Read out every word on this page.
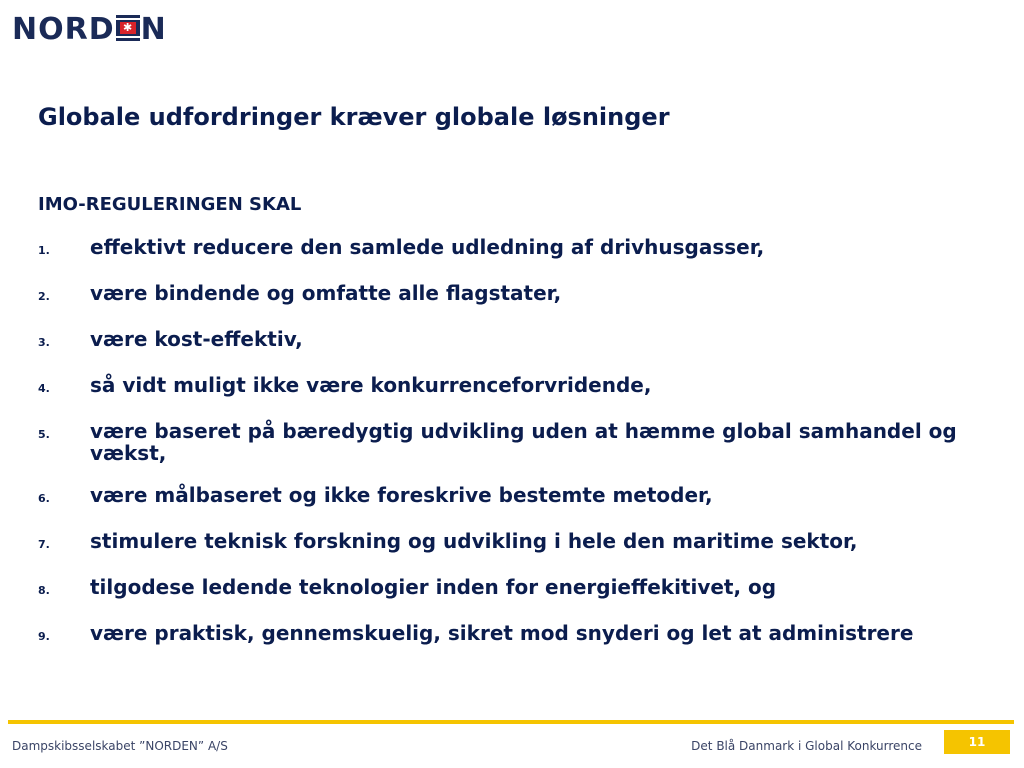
NORD ✱ N
Globale udfordringer kræver globale løsninger
IMO-REGULERINGEN SKAL
1.	effektivt reducere den samlede udledning af drivhusgasser,
2.	være bindende og omfatte alle flagstater,
3.	være kost-effektiv,
4.	så vidt muligt ikke være konkurrenceforvridende,
5.	være baseret på bæredygtig udvikling uden at hæmme global samhandel og vækst,
6.	være målbaseret og ikke foreskrive bestemte metoder,
7.	stimulere teknisk forskning og udvikling i hele den maritime sektor,
8.	tilgodese ledende teknologier inden for energieffekitivet, og
9.	være praktisk, gennemskuelig, sikret mod snyderi og let at administrere
Dampskibsselskabet ”NORDEN” A/S	Det Blå Danmark i Global Konkurrence	11
